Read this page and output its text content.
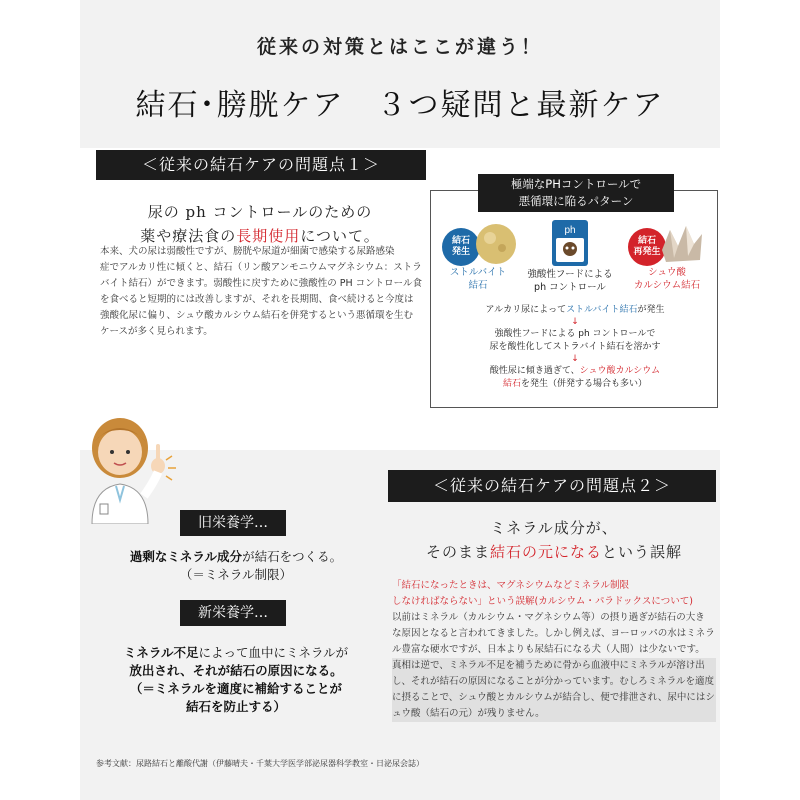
従来の対策とはここが違う！
結石･膀胱ケア　３つ疑問と最新ケア
＜従来の結石ケアの問題点１＞
尿の ph コントロールのための
薬や療法食の長期使用について。
本来、犬の尿は弱酸性ですが、膀胱や尿道が細菌で感染する尿路感染
症でアルカリ性に傾くと、結石（リン酸アンモニウムマグネシウム：ストラ
バイト結石）ができます。弱酸性に戻すために強酸性の PH コントロール食
を食べると短期的には改善しますが、それを長期間、食べ続けると今度は
強酸化尿に偏り、シュウ酸カルシウム結石を併発するという悪循環を生む
ケースが多く見られます。
極端なPHコントロールで
悪循環に陥るパターン
結石
発生
ph
結石
再発生
ストルバイト
結石
強酸性フードによる
ph コントロール
シュウ酸
カルシウム結石
アルカリ尿によってストルバイト結石が発生
↓
強酸性フードによる ph コントロールで
尿を酸性化してストラバイト結石を溶かす
↓
酸性尿に傾き過ぎて、シュウ酸カルシウム
結石を発生（併発する場合も多い）
旧栄養学…
過剰なミネラル成分が結石をつくる。
（＝ミネラル制限）
新栄養学…
ミネラル不足によって血中にミネラルが
放出され、それが結石の原因になる。
（＝ミネラルを適度に補給することが
結石を防止する）
＜従来の結石ケアの問題点２＞
ミネラル成分が、
そのまま結石の元になるという誤解
「結石になったときは、マグネシウムなどミネラル制限
しなければならない」という誤解(カルシウム・パラドックスについて)
以前はミネラル（カルシウム・マグネシウム等）の摂り過ぎが結石の大き
な原因となると言われてきました。しかし例えば、ヨーロッパの水はミネラ
ル豊富な硬水ですが、日本よりも尿結石になる犬（人間）は少ないです。
真相は逆で、ミネラル不足を補うために骨から血液中にミネラルが溶け出
し、それが結石の原因になることが分かっています。むしろミネラルを適度
に摂ることで、シュウ酸とカルシウムが結合し、便で排泄され、尿中にはシ
ュウ酸（結石の元）が残りません。
参考文献：尿路結石と離酸代謝（伊藤晴夫・千葉大学医学部泌尿器科学教室・日泌尿会誌）
